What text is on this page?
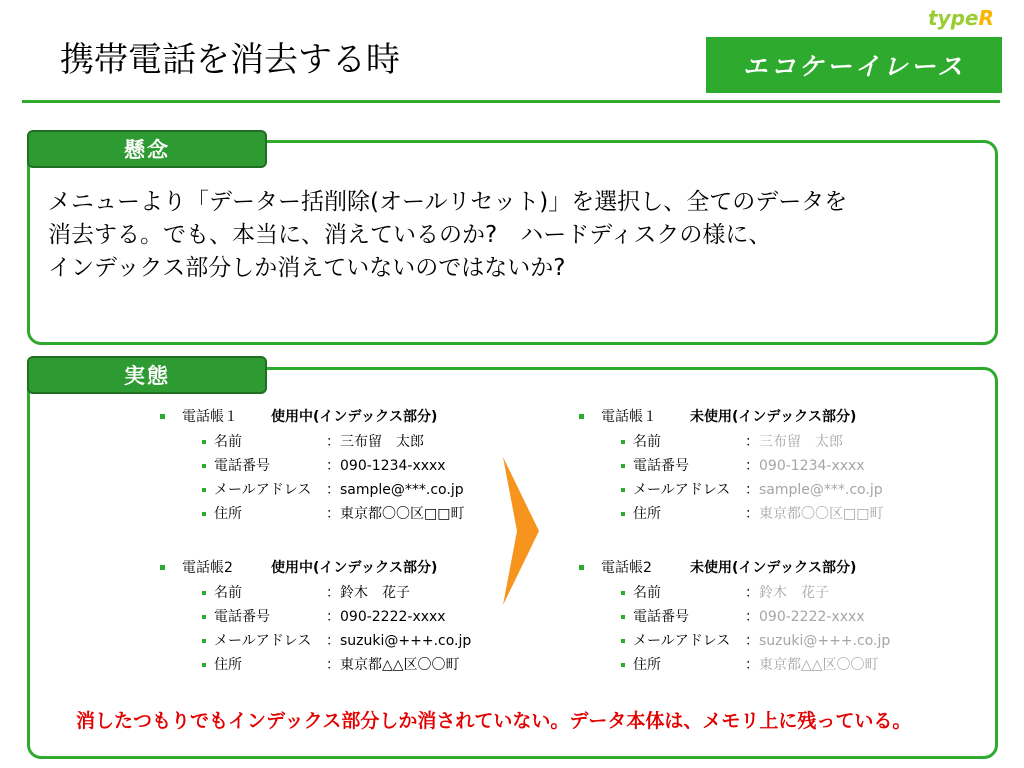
typeR
携帯電話を消去する時	エコケーイレース
懸念
メニューより「データー括削除(オールリセット)」を選択し、全てのデータを
消去する。でも、本当に、消えているのか?　ハードディスクの様に、
インデックス部分しか消えていないのではないか?
実態
電話帳１ 使用中(インデックス部分)
名前	：三布留　太郎
電話番号	：090-1234-xxxx
メールアドレス ：sample@***.co.jp
住所	：東京都〇〇区□□町
電話帳2	使用中(インデックス部分)
名前	：鈴木　花子
電話番号	：090-2222-xxxx
メールアドレス ：suzuki@+++.co.jp
住所	：東京都△△区〇〇町
電話帳１ 未使用(インデックス部分)
名前	：三布留　太郎
電話番号	：090-1234-xxxx
メールアドレス ：sample@***.co.jp
住所	：東京都〇〇区□□町
電話帳2	未使用(インデックス部分)
名前	：鈴木　花子
電話番号	：090-2222-xxxx
メールアドレス ：suzuki@+++.co.jp
住所	：東京都△△区〇〇町
消したつもりでもインデックス部分しか消されていない。データ本体は、メモリ上に残っている。
